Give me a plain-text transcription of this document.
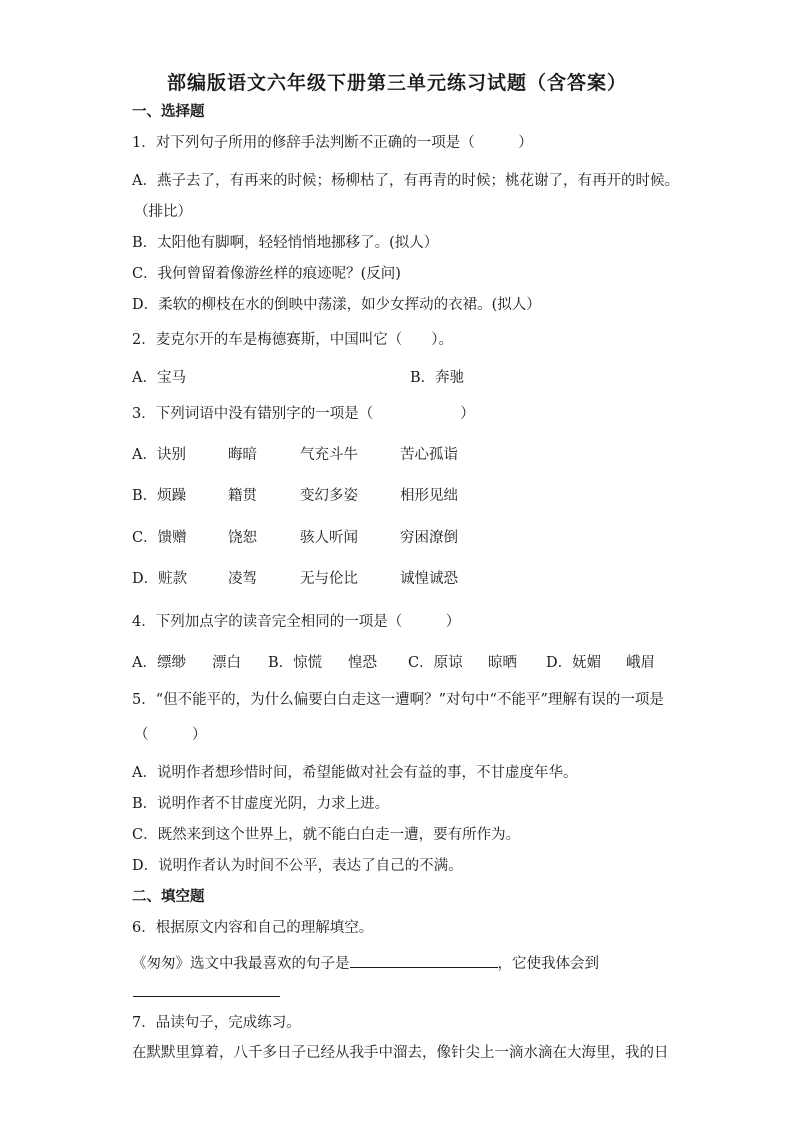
部编版语文六年级下册第三单元练习试题（含答案）
一、选择题
1．对下列句子所用的修辞手法判断不正确的一项是（　　　）
A．燕子去了，有再来的时候；杨柳枯了，有再青的时候；桃花谢了，有再开的时候。
（排比）
B．太阳他有脚啊，轻轻悄悄地挪移了。(拟人）
C．我何曾留着像游丝样的痕迹呢？(反问)
D．柔软的柳枝在水的倒映中荡漾，如少女挥动的衣裙。(拟人）
2．麦克尔开的车是梅德赛斯，中国叫它（　　）。
A．宝马	B．奔驰
3．下列词语中没有错别字的一项是（　　　　　　）
A．诀别	晦暗	气充斗牛	苦心孤诣
B．烦躁	籍贯	变幻多姿	相形见绌
C．馈赠	饶恕	骇人听闻	穷困潦倒
D．赃款	凌驾	无与伦比	诚惶诚恐
4．下列加点字的读音完全相同的一项是（　　　）
A．缥缈 漂白 B．惊慌 惶恐 C．原谅 晾晒 D．妩媚 峨眉
5．“但不能平的，为什么偏要白白走这一遭啊？”对句中“不能平”理解有误的一项是
（　　　）
A．说明作者想珍惜时间，希望能做对社会有益的事，不甘虚度年华。
B．说明作者不甘虚度光阴，力求上进。
C．既然来到这个世界上，就不能白白走一遭，要有所作为。
D．说明作者认为时间不公平，表达了自己的不满。
二、填空题
6．根据原文内容和自己的理解填空。
《匆匆》选文中我最喜欢的句子是	，它使我体会到
7．品读句子，完成练习。
在默默里算着，八千多日子已经从我手中溜去，像针尖上一滴水滴在大海里，我的日
